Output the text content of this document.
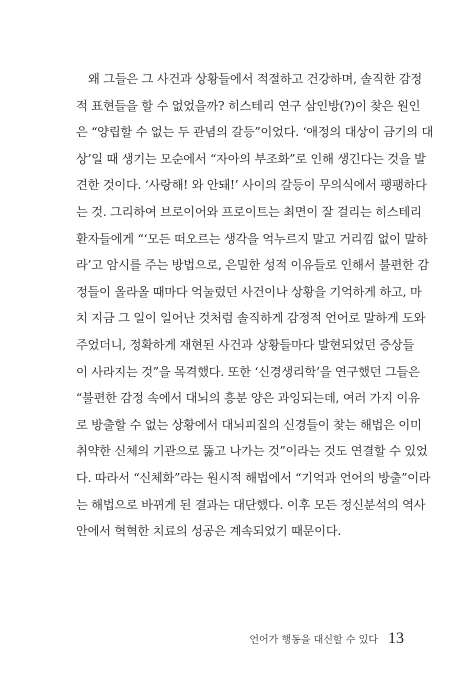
왜 그들은 그 사건과 상황들에서 적절하고 건강하며, 솔직한 감정
적 표현들을 할 수 없었을까? 히스테리 연구 삼인방(?)이 찾은 원인
은 “양립할 수 없는 두 관념의 갈등”이었다. ‘애정의 대상이 금기의 대
상’일 때 생기는 모순에서 “자아의 부조화”로 인해 생긴다는 것을 발
견한 것이다. ‘사랑해! 와 안돼!’ 사이의 갈등이 무의식에서 팽팽하다
는 것. 그리하여 브로이어와 프로이트는 최면이 잘 걸리는 히스테리
환자들에게 “‘모든 떠오르는 생각을 억누르지 말고 거리낌 없이 말하
라’고 암시를 주는 방법으로, 은밀한 성적 이유들로 인해서 불편한 감
정들이 올라올 때마다 억눌렀던 사건이나 상황을 기억하게 하고, 마
치 지금 그 일이 일어난 것처럼 솔직하게 감정적 언어로 말하게 도와
주었더니, 정확하게 재현된 사건과 상황들마다 발현되었던 증상들
이 사라지는 것”을 목격했다. 또한 ‘신경생리학’을 연구했던 그들은
“불편한 감정 속에서 대뇌의 흥분 양은 과잉되는데, 여러 가지 이유
로 방출할 수 없는 상황에서 대뇌피질의 신경들이 찾는 해법은 이미
취약한 신체의 기관으로 뚫고 나가는 것”이라는 것도 연결할 수 있었
다. 따라서 “신체화”라는 원시적 해법에서 “기억과 언어의 방출”이라
는 해법으로 바뀌게 된 결과는 대단했다. 이후 모든 정신분석의 역사
안에서 혁혁한 치료의 성공은 계속되었기 때문이다.
언어가 행동을 대신할 수 있다 13
